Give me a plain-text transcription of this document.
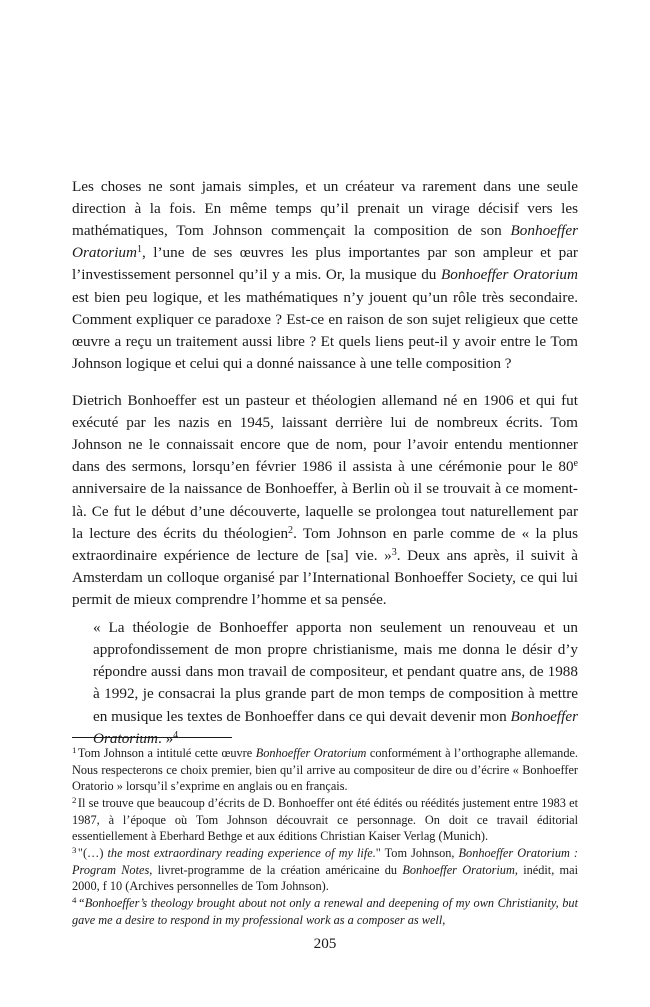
Les choses ne sont jamais simples, et un créateur va rarement dans une seule direction à la fois. En même temps qu’il prenait un virage décisif vers les mathématiques, Tom Johnson commençait la composition de son Bonhoeffer Oratorium$^1$, l’une de ses œuvres les plus importantes par son ampleur et par l’investissement personnel qu’il y a mis. Or, la musique du Bonhoeffer Oratorium est bien peu logique, et les mathématiques n’y jouent qu’un rôle très secondaire. Comment expliquer ce paradoxe ? Est-ce en raison de son sujet religieux que cette œuvre a reçu un traitement aussi libre ? Et quels liens peut-il y avoir entre le Tom Johnson logique et celui qui a donné naissance à une telle composition ?

Dietrich Bonhoeffer est un pasteur et théologien allemand né en 1906 et qui fut exécuté par les nazis en 1945, laissant derrière lui de nombreux écrits. Tom Johnson ne le connaissait encore que de nom, pour l’avoir entendu mentionner dans des sermons, lorsqu’en février 1986 il assista à une cérémonie pour le 80e anniversaire de la naissance de Bonhoeffer, à Berlin où il se trouvait à ce moment-là. Ce fut le début d’une découverte, laquelle se prolongea tout naturellement par la lecture des écrits du théologien$^2$. Tom Johnson en parle comme de « la plus extraordinaire expérience de lecture de [sa] vie. »$^3$. Deux ans après, il suivit à Amsterdam un colloque organisé par l’International Bonhoeffer Society, ce qui lui permit de mieux comprendre l’homme et sa pensée.

« La théologie de Bonhoeffer apporta non seulement un renouveau et un approfondissement de mon propre christianisme, mais me donna le désir d’y répondre aussi dans mon travail de compositeur, et pendant quatre ans, de 1988 à 1992, je consacrai la plus grande part de mon temps de composition à mettre en musique les textes de Bonhoeffer dans ce qui devait devenir mon Bonhoeffer Oratorium. »$^4$

$^1$ Tom Johnson a intitulé cette œuvre Bonhoeffer Oratorium conformément à l’orthographe allemande. Nous respecterons ce choix premier, bien qu’il arrive au compositeur de dire ou d’écrire « Bonhoeffer Oratorio » lorsqu’il s’exprime en anglais ou en français.

$^2$ Il se trouve que beaucoup d’écrits de D. Bonhoeffer ont été édités ou réédités justement entre 1983 et 1987, à l’époque où Tom Johnson découvrait ce personnage. On doit ce travail éditorial essentiellement à Eberhard Bethge et aux éditions Christian Kaiser Verlag (Munich).

$^3$ "(…) the most extraordinary reading experience of my life." Tom Johnson, Bonhoeffer Oratorium : Program Notes, livret-programme de la création américaine du Bonhoeffer Oratorium, inédit, mai 2000, f 10 (Archives personnelles de Tom Johnson).

$^4$ “Bonhoeffer’s theology brought about not only a renewal and deepening of my own Christianity, but gave me a desire to respond in my professional work as a composer as well,

205
